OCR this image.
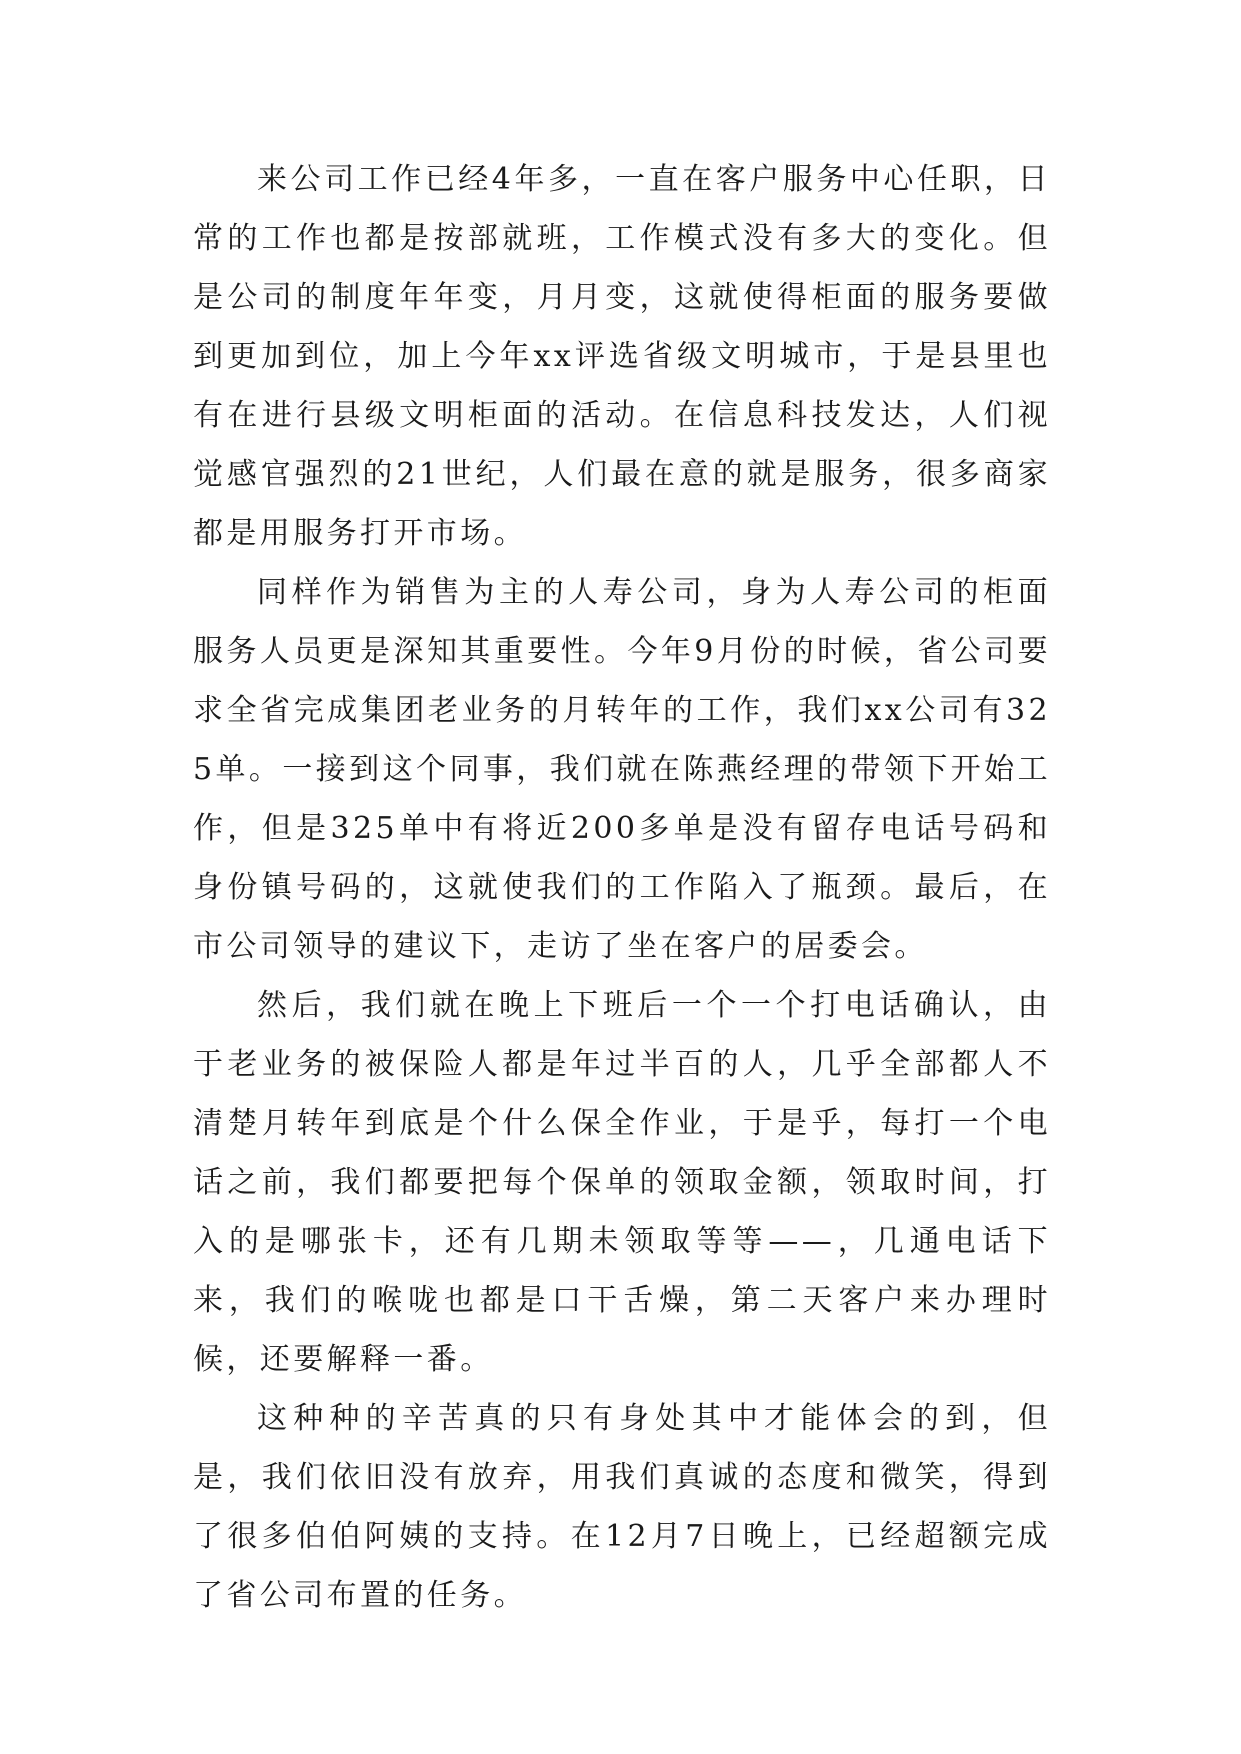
来公司工作已经4年多，一直在客户服务中心任职，日常的工作也都是按部就班，工作模式没有多大的变化。但是公司的制度年年变，月月变，这就使得柜面的服务要做到更加到位，加上今年xx评选省级文明城市，于是县里也有在进行县级文明柜面的活动。在信息科技发达，人们视觉感官强烈的21世纪，人们最在意的就是服务，很多商家都是用服务打开市场。

同样作为销售为主的人寿公司，身为人寿公司的柜面服务人员更是深知其重要性。今年9月份的时候，省公司要求全省完成集团老业务的月转年的工作，我们xx公司有325单。一接到这个同事，我们就在陈燕经理的带领下开始工作，但是325单中有将近200多单是没有留存电话号码和身份镇号码的，这就使我们的工作陷入了瓶颈。最后，在市公司领导的建议下，走访了坐在客户的居委会。

然后，我们就在晚上下班后一个一个打电话确认，由于老业务的被保险人都是年过半百的人，几乎全部都人不清楚月转年到底是个什么保全作业，于是乎，每打一个电话之前，我们都要把每个保单的领取金额，领取时间，打入的是哪张卡，还有几期未领取等等——，几通电话下来，我们的喉咙也都是口干舌燥，第二天客户来办理时候，还要解释一番。

这种种的辛苦真的只有身处其中才能体会的到，但是，我们依旧没有放弃，用我们真诚的态度和微笑，得到了很多伯伯阿姨的支持。在12月7日晚上，已经超额完成了省公司布置的任务。
